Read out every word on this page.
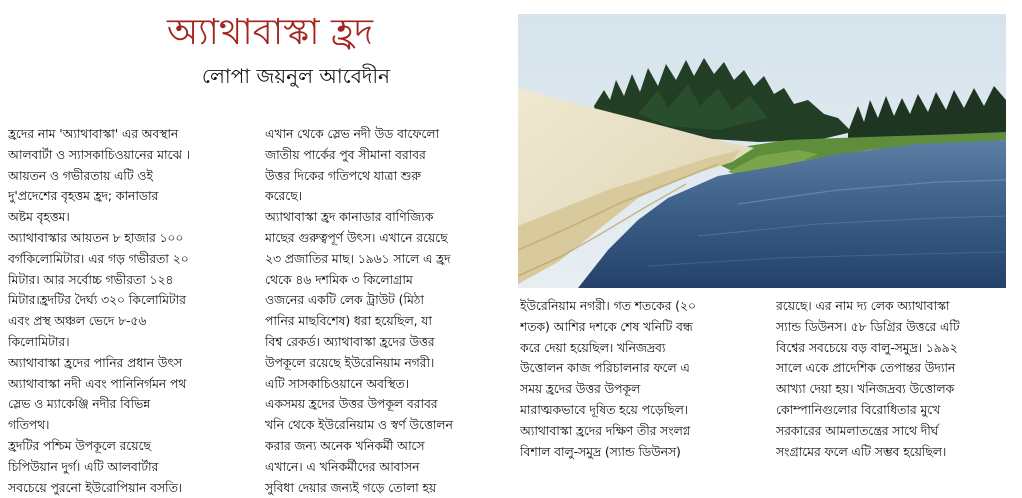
অ্যাথাবাস্কা হ্রদ
লোপা জয়নুল আবেদীন

হ্রদের নাম 'অ্যাথাবাস্কা' এর অবস্থান

আলবার্টা ও স্যাসকাচিওয়ানের মাঝে ।

আয়তন ও গভীরতায় এটি ওই

দু'প্রদেশের বৃহত্তম হ্রদ; কানাডার

অষ্টম বৃহত্তম।

অ্যাথাবাস্কার আয়তন ৮ হাজার ১০০

বর্গকিলোমিটার। এর গড় গভীরতা ২০

মিটার। আর সর্বোচ্চ গভীরতা ১২৪

মিটার।হ্রদটির দৈর্ঘ্য ৩২০ কিলোমিটার

এবং প্রস্থ অঞ্চল ভেদে ৮-৫৬

কিলোমিটার।

অ্যাথাবাস্কা হ্রদের পানির প্রধান উৎস

অ্যাথাবাস্কা নদী এবং পানিনির্গমন পথ

স্লেভ ও ম্যাকেঞ্জি নদীর বিভিন্ন

গতিপথ।

হ্রদটির পশ্চিম উপকূলে রয়েছে

চিপিউয়ান দুর্গ। এটি আলবার্টার

সবচেয়ে পুরনো ইউরোপিয়ান বসতি।

এখান থেকে স্লেভ নদী উড বাফেলো

জাতীয় পার্কের পুব সীমানা বরাবর

উত্তর দিকের গতিপথে যাত্রা শুরু

করেছে।

অ্যাথাবাস্কা হ্রদ কানাডার বাণিজ্যিক

মাছের গুরুত্বপূর্ণ উৎস। এখানে রয়েছে

২৩ প্রজাতির মাছ। ১৯৬১ সালে এ হ্রদ

থেকে ৪৬ দশমিক ৩ কিলোগ্রাম

ওজনের একটি লেক ট্রাউট (মিঠা

পানির মাছবিশেষ) ধরা হয়েছিল, যা

বিশ্ব রেকর্ড। অ্যাথাবাস্কা হ্রদের উত্তর

উপকূলে রয়েছে ইউরেনিয়াম নগরী।

এটি সাসকাচিওয়ানে অবস্থিত।

একসময় হ্রদের উত্তর উপকূল বরাবর

খনি থেকে ইউরেনিয়াম ও স্বর্ণ উত্তোলন

করার জন্য অনেক খনিকর্মী আসে

এখানে। এ খনিকর্মীদের আবাসন

সুবিধা দেয়ার জন্যই গড়ে তোলা হয়

ইউরেনিয়াম নগরী। গত শতকের (২০

শতক) আশির দশকে শেষ খনিটি বন্ধ

করে দেয়া হয়েছিল। খনিজদ্রব্য

উত্তোলন কাজ পরিচালনার ফলে এ

সময় হ্রদের উত্তর উপকূল

মারাত্মকভাবে দূষিত হয়ে পড়েছিল।

অ্যাথাবাস্কা হ্রদের দক্ষিণ তীর সংলগ্ন

বিশাল বালু-সমুদ্র (স্যান্ড ডিউনস)

রয়েছে। এর নাম দ্য লেক অ্যাথাবাস্কা

স্যান্ড ডিউনস। ৫৮ ডিগ্রির উত্তরে এটি

বিশ্বের সবচেয়ে বড় বালু-সমুদ্র। ১৯৯২

সালে একে প্রাদেশিক তেপান্তর উদ্যান

আখ্যা দেয়া হয়। খনিজদ্রব্য উত্তোলক

কোম্পানিগুলোর বিরোধিতার মুখে

সরকারের আমলাতন্ত্রের সাথে দীর্ঘ

সংগ্রামের ফলে এটি সম্ভব হয়েছিল।
